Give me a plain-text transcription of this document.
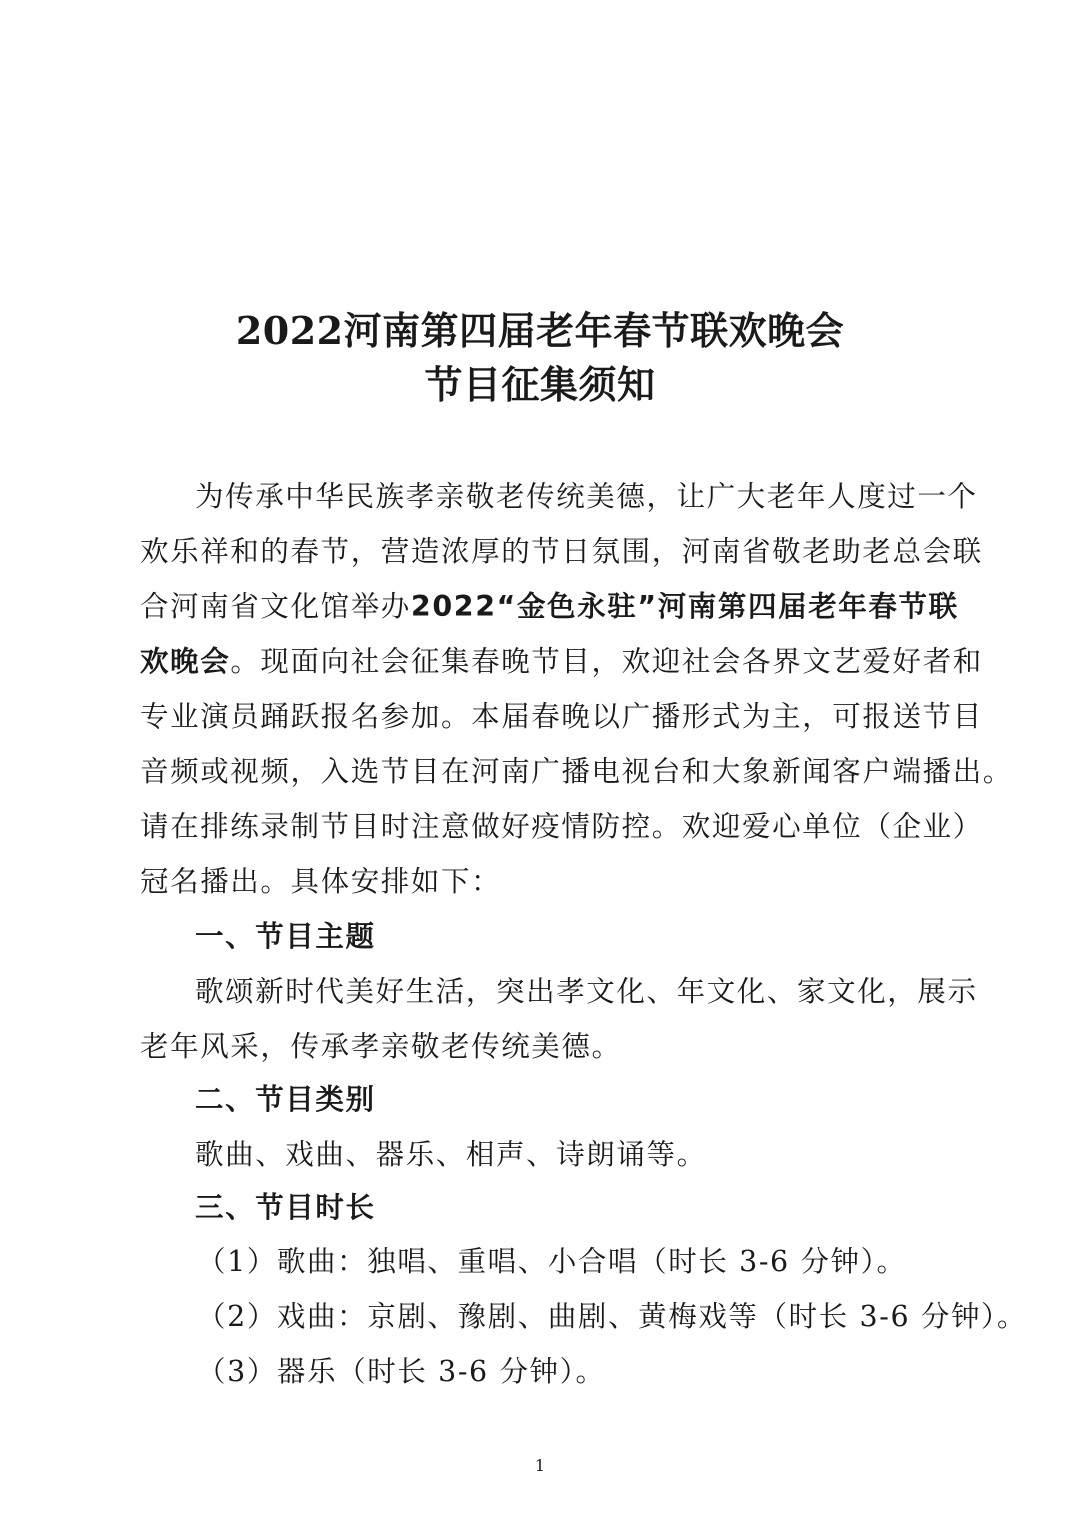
2022河南第四届老年春节联欢晚会
节目征集须知
为传承中华民族孝亲敬老传统美德，让广大老年人度过一个
欢乐祥和的春节，营造浓厚的节日氛围，河南省敬老助老总会联
合河南省文化馆举办2022“金色永驻”河南第四届老年春节联
欢晚会。现面向社会征集春晚节目，欢迎社会各界文艺爱好者和
专业演员踊跃报名参加。本届春晚以广播形式为主，可报送节目
音频或视频，入选节目在河南广播电视台和大象新闻客户端播出。
请在排练录制节目时注意做好疫情防控。欢迎爱心单位（企业）
冠名播出。具体安排如下：
一、节目主题
歌颂新时代美好生活，突出孝文化、年文化、家文化，展示
老年风采，传承孝亲敬老传统美德。
二、节目类别
歌曲、戏曲、器乐、相声、诗朗诵等。
三、节目时长
（1）歌曲：独唱、重唱、小合唱（时长 3-6 分钟）。
（2）戏曲：京剧、豫剧、曲剧、黄梅戏等（时长 3-6 分钟）。
（3）器乐（时长 3-6 分钟）。
1
